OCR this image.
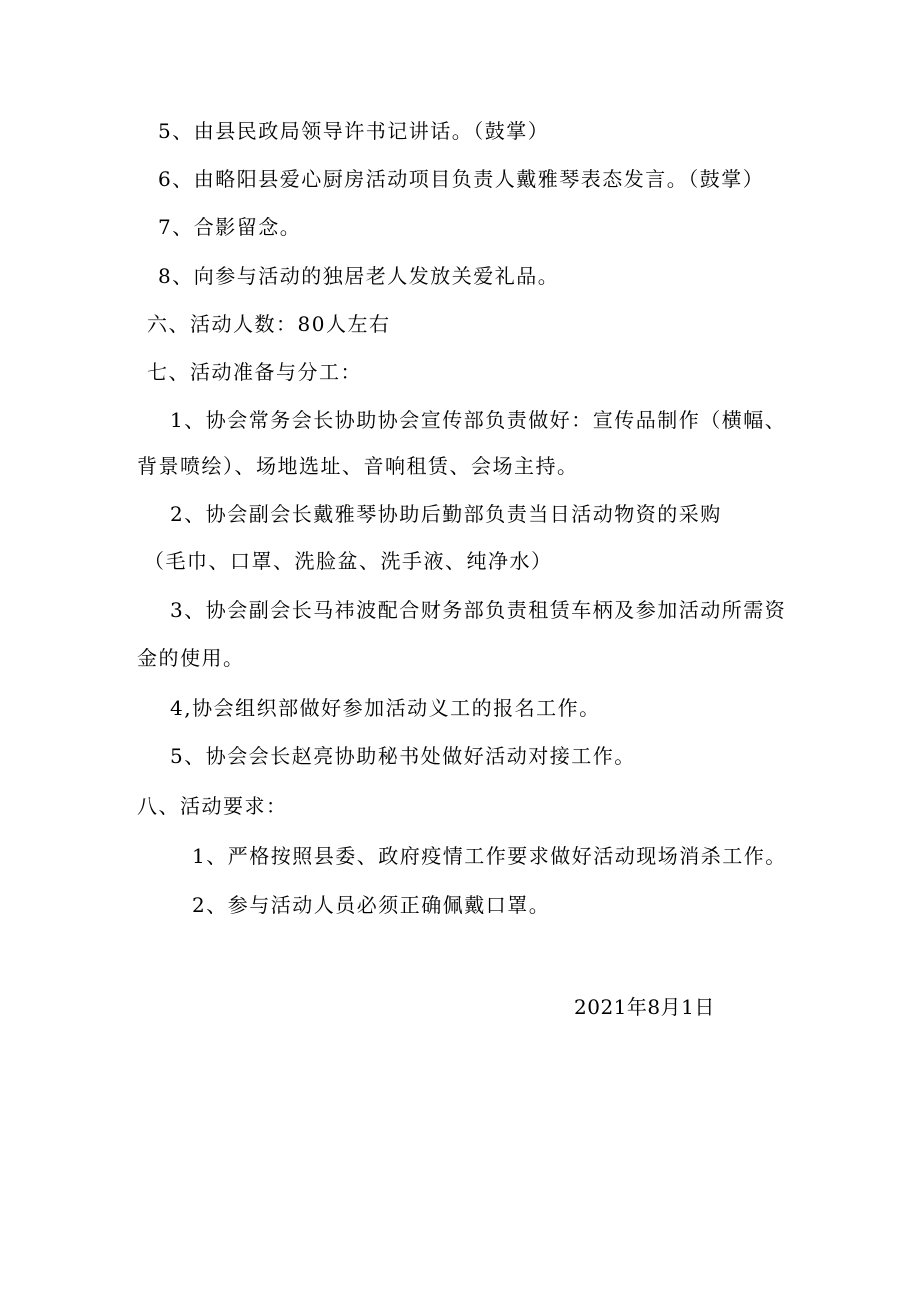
5、由县民政局领导许书记讲话。（鼓掌）
6、由略阳县爱心厨房活动项目负责人戴雅琴表态发言。（鼓掌）
7、合影留念。
8、向参与活动的独居老人发放关爱礼品。
六、活动人数：80人左右
七、活动准备与分工：
1、协会常务会长协助协会宣传部负责做好：宣传品制作（横幅、
背景喷绘）、场地选址、音响租赁、会场主持。
2、协会副会长戴雅琴协助后勤部负责当日活动物资的采购
（毛巾、口罩、洗脸盆、洗手液、纯净水）
3、协会副会长马祎波配合财务部负责租赁车柄及参加活动所需资
金的使用。
4,协会组织部做好参加活动义工的报名工作。
5、协会会长赵亮协助秘书处做好活动对接工作。
八、活动要求：
1、严格按照县委、政府疫情工作要求做好活动现场消杀工作。
2、参与活动人员必须正确佩戴口罩。
2021年8月1日
